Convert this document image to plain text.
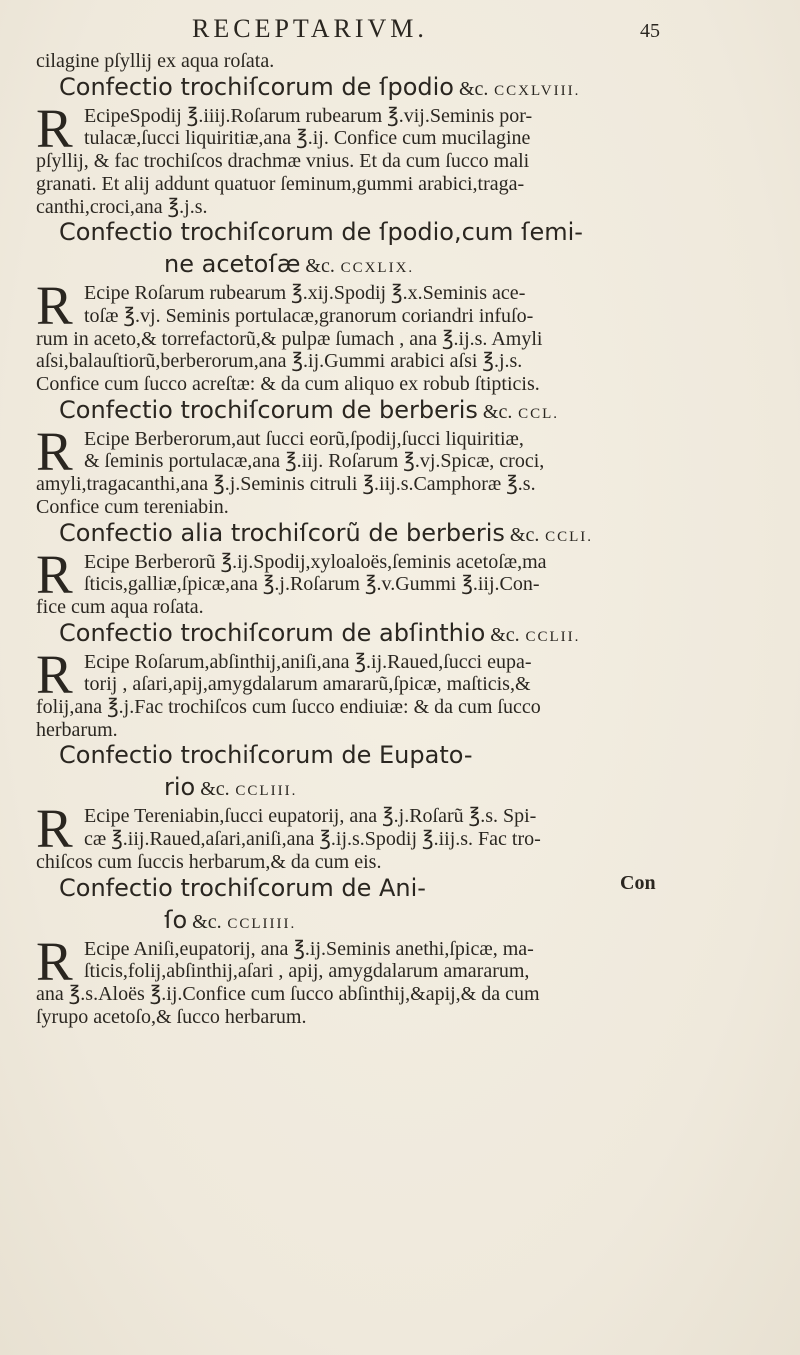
RECEPTARIVM.	45
cilagine pſyllij ex aqua roſata.
Confectio trochiſcorum de ſpodio &c. CCXLVIII.
R EcipeSpodij ℥.iiij.Roſarum rubearum ℥.vij.Seminis por-
tulacæ,ſucci liquiritiæ,ana ℥.ij. Confice cum mucilagine
pſyllij, & fac trochiſcos drachmæ vnius. Et da cum ſucco mali
granati. Et alij addunt quatuor ſeminum,gummi arabici,traga-
canthi,croci,ana ℥.j.s.
Confectio trochiſcorum de ſpodio,cum ſemi-
ne acetoſæ &c. CCXLIX.
R Ecipe Roſarum rubearum ℥.xij.Spodij ℥.x.Seminis ace-
toſæ ℥.vj. Seminis portulacæ,granorum coriandri infuſo-
rum in aceto,& torrefactorũ,& pulpæ ſumach , ana ℥.ij.s. Amyli
aſsi,balauſtiorũ,berberorum,ana ℥.ij.Gummi arabici aſsi ℥.j.s.
Confice cum ſucco acreſtæ: & da cum aliquo ex robub ſtipticis.
Confectio trochiſcorum de berberis &c. CCL.
R Ecipe Berberorum,aut ſucci eorũ,ſpodij,ſucci liquiritiæ,
& ſeminis portulacæ,ana ℥.iij. Roſarum ℥.vj.Spicæ, croci,
amyli,tragacanthi,ana ℥.j.Seminis citruli ℥.iij.s.Camphoræ ℥.s.
Confice cum tereniabin.
Confectio alia trochiſcorũ de berberis &c. CCLI.
R Ecipe Berberorũ ℥.ij.Spodij,xyloaloës,ſeminis acetoſæ,ma
ſticis,galliæ,ſpicæ,ana ℥.j.Roſarum ℥.v.Gummi ℥.iij.Con-
fice cum aqua roſata.
Confectio trochiſcorum de abſinthio &c. CCLII.
R Ecipe Roſarum,abſinthij,aniſi,ana ℥.ij.Raued,ſucci eupa-
torij , aſari,apij,amygdalarum amararũ,ſpicæ, maſticis,&
folij,ana ℥.j.Fac trochiſcos cum ſucco endiuiæ: & da cum ſucco
herbarum.
Confectio trochiſcorum de Eupato-
rio &c. CCLIII.
R Ecipe Tereniabin,ſucci eupatorij, ana ℥.j.Roſarũ ℥.s. Spi-
cæ ℥.iij.Raued,aſari,aniſi,ana ℥.ij.s.Spodij ℥.iij.s. Fac tro-
chiſcos cum ſuccis herbarum,& da cum eis.
Confectio trochiſcorum de Ani-
ſo &c. CCLIIII.
R Ecipe Aniſi,eupatorij, ana ℥.ij.Seminis anethi,ſpicæ, ma-
ſticis,folij,abſinthij,aſari , apij, amygdalarum amararum,
ana ℥.s.Aloës ℥.ij.Confice cum ſucco abſinthij,&apij,& da cum
ſyrupo acetoſo,& ſucco herbarum.
Con
